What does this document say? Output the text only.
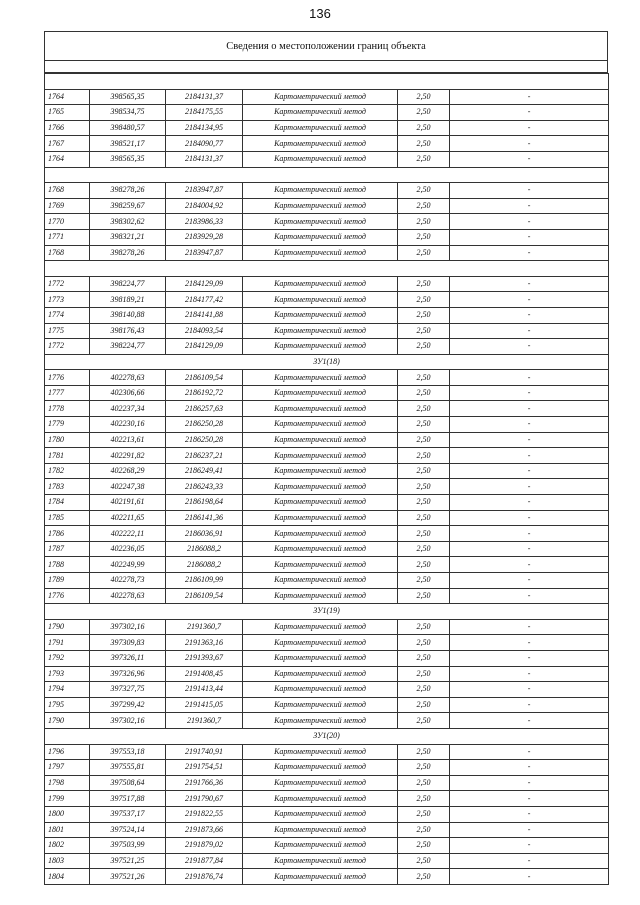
136
Сведения о местоположении границ объекта

1764	398565,35	2184131,37	Картометрический метод	2,50	-
1765	398534,75	2184175,55	Картометрический метод	2,50	-
1766	398480,57	2184134,95	Картометрический метод	2,50	-
1767	398521,17	2184090,77	Картометрический метод	2,50	-
1764	398565,35	2184131,37	Картометрический метод	2,50	-

1768	398278,26	2183947,87	Картометрический метод	2,50	-
1769	398259,67	2184004,92	Картометрический метод	2,50	-
1770	398302,62	2183986,33	Картометрический метод	2,50	-
1771	398321,21	2183929,28	Картометрический метод	2,50	-
1768	398278,26	2183947,87	Картометрический метод	2,50	-

1772	398224,77	2184129,09	Картометрический метод	2,50	-
1773	398189,21	2184177,42	Картометрический метод	2,50	-
1774	398140,88	2184141,88	Картометрический метод	2,50	-
1775	398176,43	2184093,54	Картометрический метод	2,50	-
1772	398224,77	2184129,09	Картометрический метод	2,50	-
ЗУ1(18)					
1776	402278,63	2186109,54	Картометрический метод	2,50	-
1777	402306,66	2186192,72	Картометрический метод	2,50	-
1778	402237,34	2186257,63	Картометрический метод	2,50	-
1779	402230,16	2186250,28	Картометрический метод	2,50	-
1780	402213,61	2186250,28	Картометрический метод	2,50	-
1781	402291,82	2186237,21	Картометрический метод	2,50	-
1782	402268,29	2186249,41	Картометрический метод	2,50	-
1783	402247,38	2186243,33	Картометрический метод	2,50	-
1784	402191,61	2186198,64	Картометрический метод	2,50	-
1785	402211,65	2186141,36	Картометрический метод	2,50	-
1786	402222,11	2186036,91	Картометрический метод	2,50	-
1787	402236,05	2186088,2	Картометрический метод	2,50	-
1788	402249,99	2186088,2	Картометрический метод	2,50	-
1789	402278,73	2186109,99	Картометрический метод	2,50	-
1776	402278,63	2186109,54	Картометрический метод	2,50	-
ЗУ1(19)					
1790	397302,16	2191360,7	Картометрический метод	2,50	-
1791	397309,83	2191363,16	Картометрический метод	2,50	-
1792	397326,11	2191393,67	Картометрический метод	2,50	-
1793	397326,96	2191408,45	Картометрический метод	2,50	-
1794	397327,75	2191413,44	Картометрический метод	2,50	-
1795	397299,42	2191415,05	Картометрический метод	2,50	-
1790	397302,16	2191360,7	Картометрический метод	2,50	-
ЗУ1(20)					
1796	397553,18	2191740,91	Картометрический метод	2,50	-
1797	397555,81	2191754,51	Картометрический метод	2,50	-
1798	397508,64	2191766,36	Картометрический метод	2,50	-
1799	397517,88	2191790,67	Картометрический метод	2,50	-
1800	397537,17	2191822,55	Картометрический метод	2,50	-
1801	397524,14	2191873,66	Картометрический метод	2,50	-
1802	397503,99	2191879,02	Картометрический метод	2,50	-
1803	397521,25	2191877,84	Картометрический метод	2,50	-
1804	397521,26	2191876,74	Картометрический метод	2,50	-
